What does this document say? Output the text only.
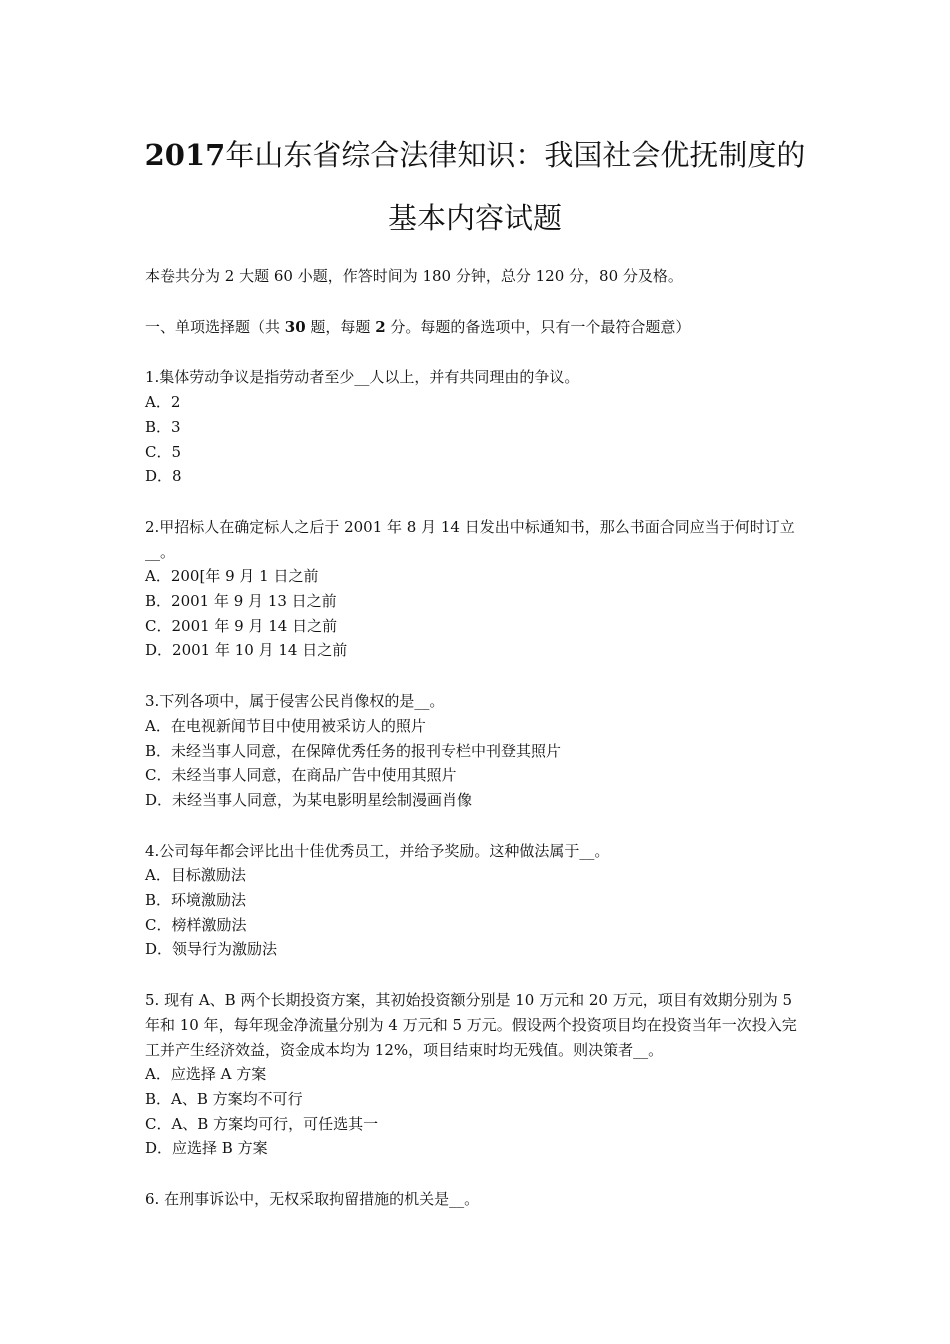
2017年山东省综合法律知识：我国社会优抚制度的
基本内容试题

本卷共分为 2 大题 60 小题，作答时间为 180 分钟，总分 120 分，80 分及格。

一、单项选择题（共 30 题，每题 2 分。每题的备选项中，只有一个最符合题意）

1.集体劳动争议是指劳动者至少__人以上，并有共同理由的争议。

A．2

B．3

C．5

D．8

2.甲招标人在确定标人之后于 2001 年 8 月 14 日发出中标通知书，那么书面合同应当于何时订立__。

A．200[年 9 月 1 日之前

B．2001 年 9 月 13 日之前

C．2001 年 9 月 14 日之前

D．2001 年 10 月 14 日之前

3.下列各项中，属于侵害公民肖像权的是__。

A．在电视新闻节目中使用被采访人的照片

B．未经当事人同意，在保障优秀任务的报刊专栏中刊登其照片

C．未经当事人同意，在商品广告中使用其照片

D．未经当事人同意，为某电影明星绘制漫画肖像

4.公司每年都会评比出十佳优秀员工，并给予奖励。这种做法属于__。

A．目标激励法

B．环境激励法

C．榜样激励法

D．领导行为激励法

5. 现有 A、B 两个长期投资方案，其初始投资额分别是 10 万元和 20 万元，项目有效期分别为 5 年和 10 年，每年现金净流量分别为 4 万元和 5 万元。假设两个投资项目均在投资当年一次投入完工并产生经济效益，资金成本均为 12%，项目结束时均无残值。则决策者__。

A．应选择 A 方案

B．A、B 方案均不可行

C．A、B 方案均可行，可任选其一

D．应选择 B 方案

6. 在刑事诉讼中，无权采取拘留措施的机关是__。
